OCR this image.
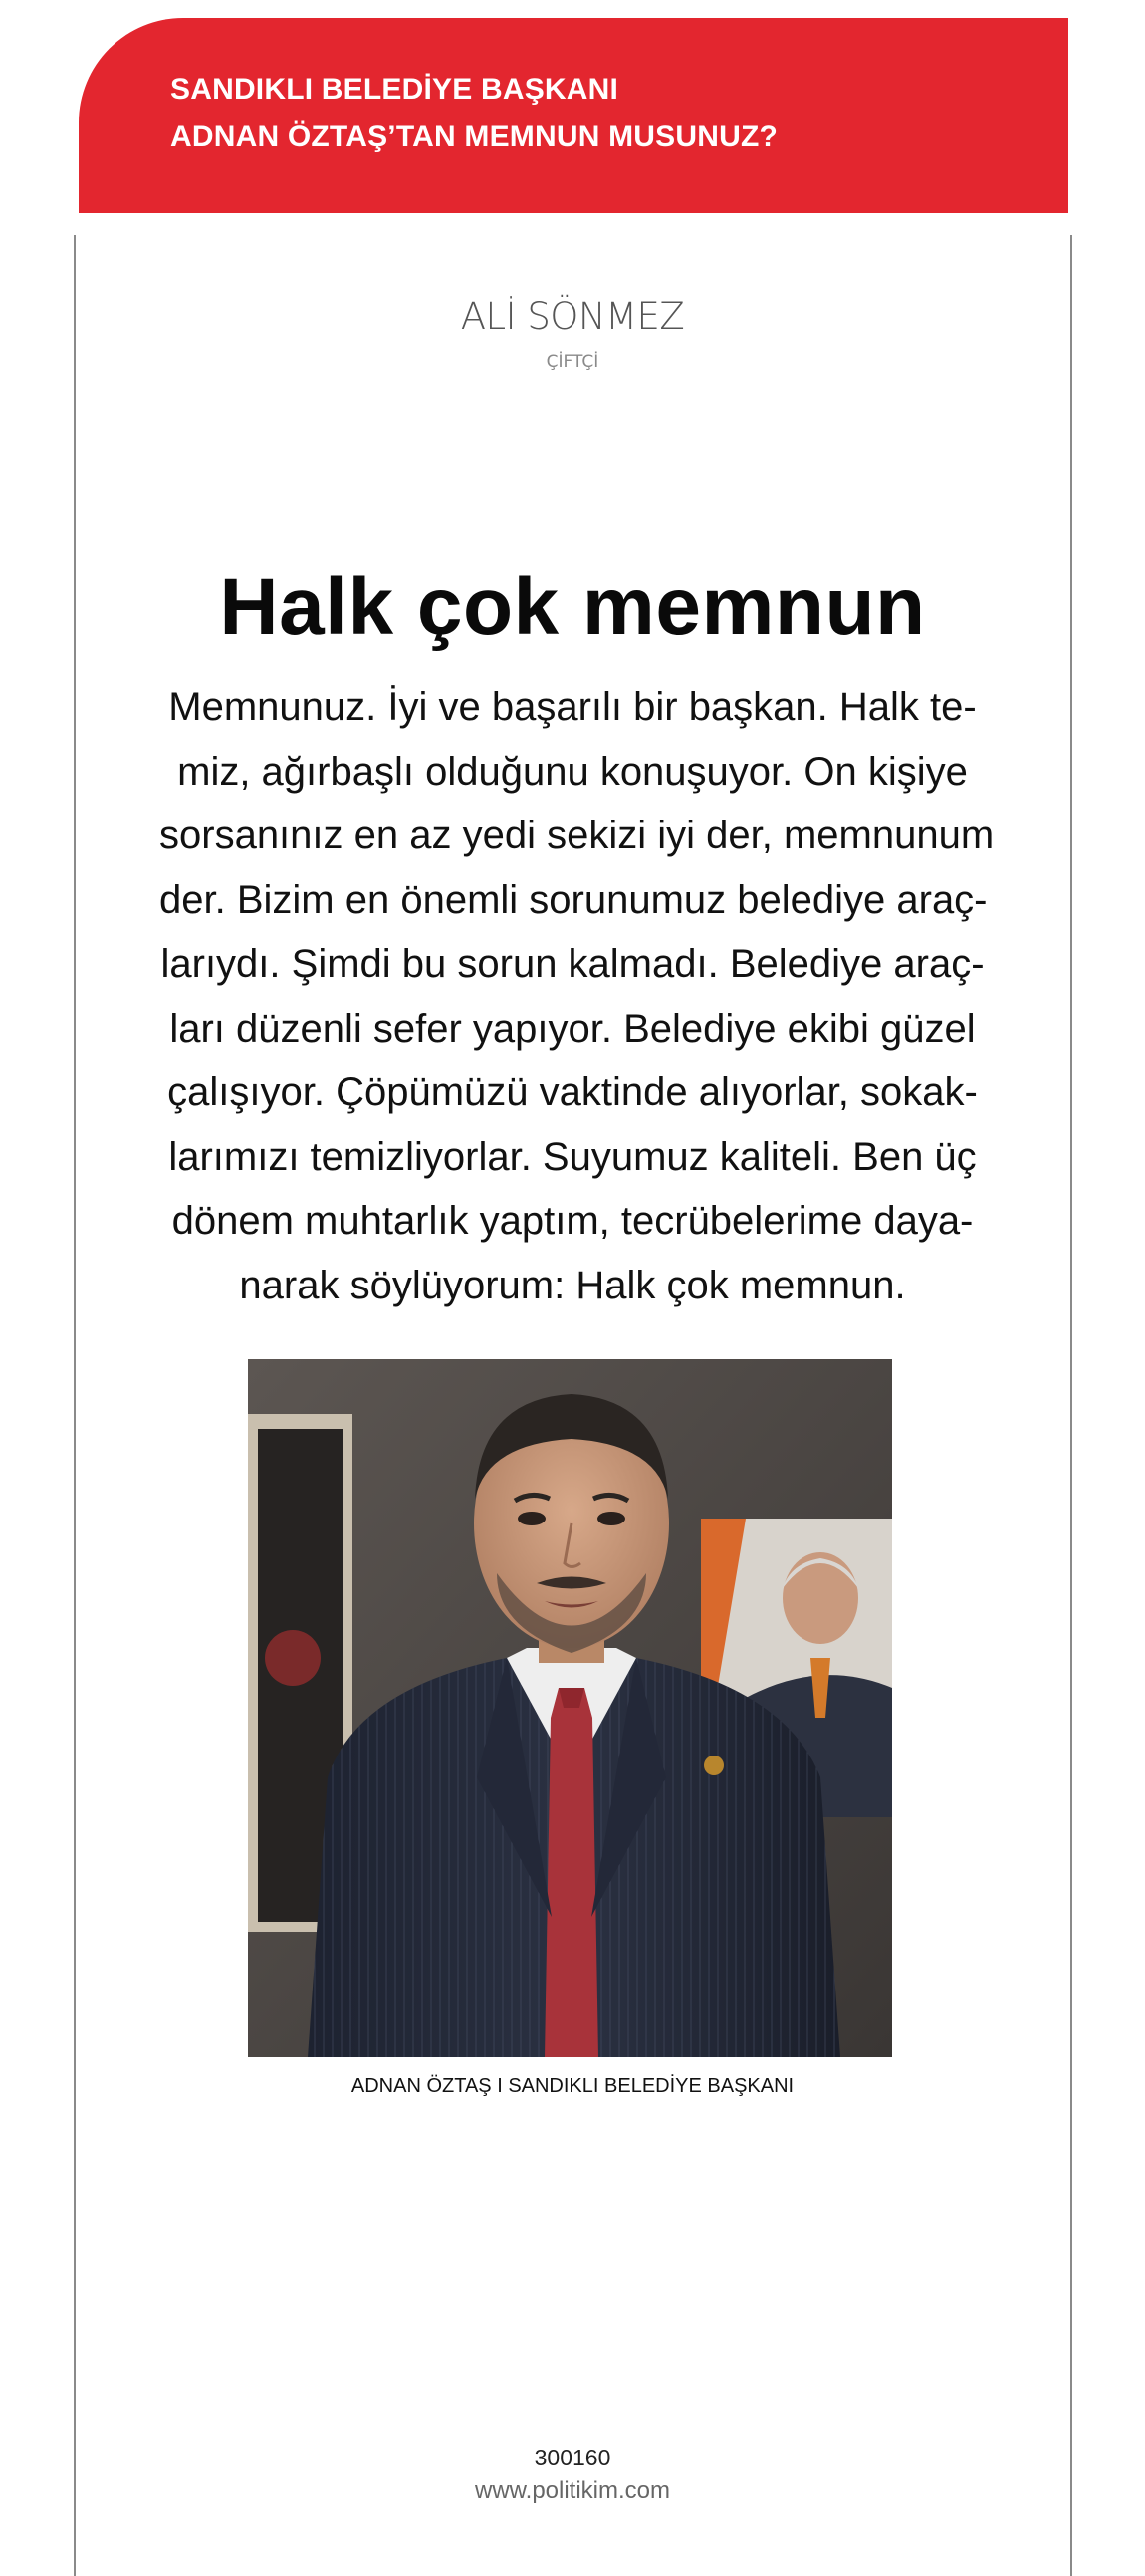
SANDIKLI BELEDİYE BAŞKANI
ADNAN ÖZTAŞ’TAN MEMNUN MUSUNUZ?
ALİ SÖNMEZ
ÇİFTÇİ
Halk çok memnun
Memnunuz. İyi ve başarılı bir başkan. Halk te-
miz, ağırbaşlı olduğunu konuşuyor. On kişiye
sorsanınız en az yedi sekizi iyi der, memnunum
der. Bizim en önemli sorunumuz belediye araç-
larıydı. Şimdi bu sorun kalmadı. Belediye araç-
ları düzenli sefer yapıyor. Belediye ekibi güzel
çalışıyor. Çöpümüzü vaktinde alıyorlar, sokak-
larımızı temizliyorlar. Suyumuz kaliteli. Ben üç
dönem muhtarlık yaptım, tecrübelerime daya-
narak söylüyorum: Halk çok memnun.
ADNAN ÖZTAŞ I SANDIKLI BELEDİYE BAŞKANI
300160
www.politikim.com
